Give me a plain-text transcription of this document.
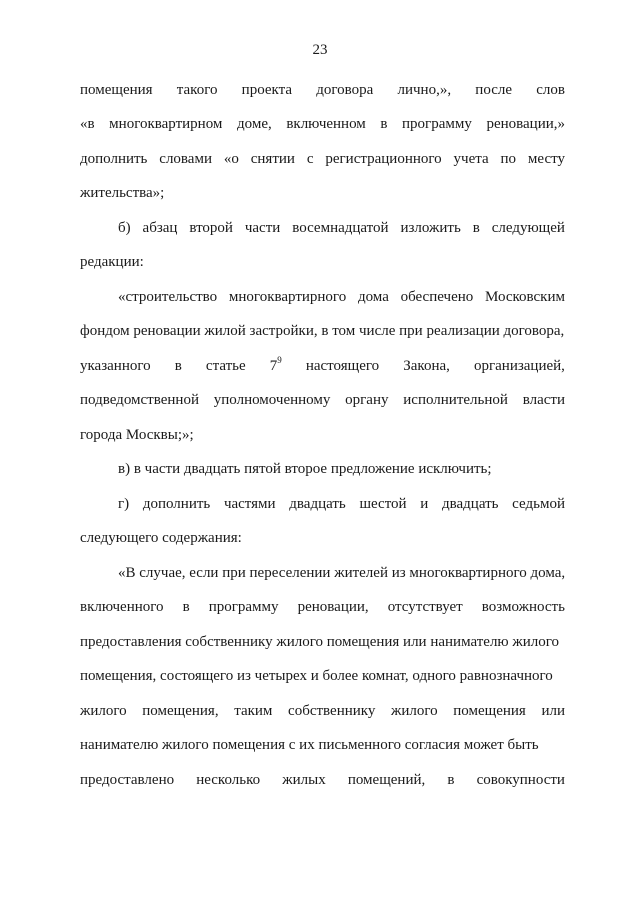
23
помещения такого проекта договора лично,», после слов
«в многоквартирном доме, включенном в программу реновации,»
дополнить словами «о снятии с регистрационного учета по месту
жительства»;
б) абзац второй части восемнадцатой изложить в следующей
редакции:
«строительство многоквартирного дома обеспечено Московским
фондом реновации жилой застройки, в том числе при реализации договора,
указанного в статье $7^9$ настоящего Закона, организацией,
подведомственной уполномоченному органу исполнительной власти
города Москвы;»;
в) в части двадцать пятой второе предложение исключить;
г) дополнить частями двадцать шестой и двадцать седьмой
следующего содержания:
«В случае, если при переселении жителей из многоквартирного дома,
включенного в программу реновации, отсутствует возможность
предоставления собственнику жилого помещения или нанимателю жилого
помещения, состоящего из четырех и более комнат, одного равнозначного
жилого помещения, таким собственнику жилого помещения или
нанимателю жилого помещения с их письменного согласия может быть
предоставлено несколько жилых помещений, в совокупности
